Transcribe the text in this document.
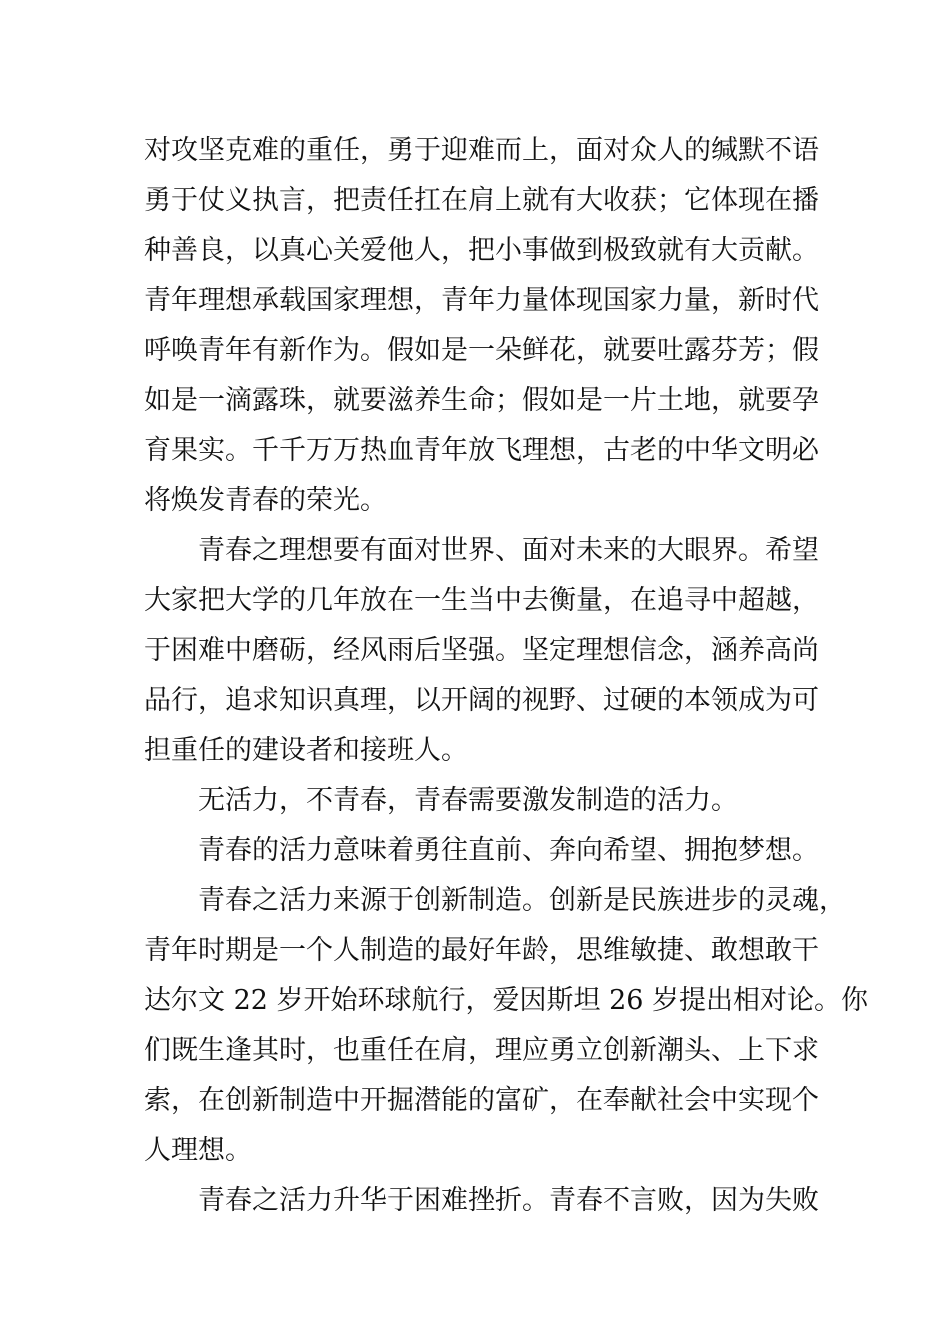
对攻坚克难的重任，勇于迎难而上，面对众人的缄默不语
勇于仗义执言，把责任扛在肩上就有大收获；它体现在播
种善良，以真心关爱他人，把小事做到极致就有大贡献。
青年理想承载国家理想，青年力量体现国家力量，新时代
呼唤青年有新作为。假如是一朵鲜花，就要吐露芬芳；假
如是一滴露珠，就要滋养生命；假如是一片土地，就要孕
育果实。千千万万热血青年放飞理想，古老的中华文明必
将焕发青春的荣光。
青春之理想要有面对世界、面对未来的大眼界。希望
大家把大学的几年放在一生当中去衡量，在追寻中超越，
于困难中磨砺，经风雨后坚强。坚定理想信念，涵养高尚
品行，追求知识真理，以开阔的视野、过硬的本领成为可
担重任的建设者和接班人。
无活力，不青春，青春需要激发制造的活力。
青春的活力意味着勇往直前、奔向希望、拥抱梦想。
青春之活力来源于创新制造。创新是民族进步的灵魂，
青年时期是一个人制造的最好年龄，思维敏捷、敢想敢干
达尔文 22 岁开始环球航行，爱因斯坦 26 岁提出相对论。你
们既生逢其时，也重任在肩，理应勇立创新潮头、上下求
索，在创新制造中开掘潜能的富矿，在奉献社会中实现个
人理想。
青春之活力升华于困难挫折。青春不言败，因为失败
